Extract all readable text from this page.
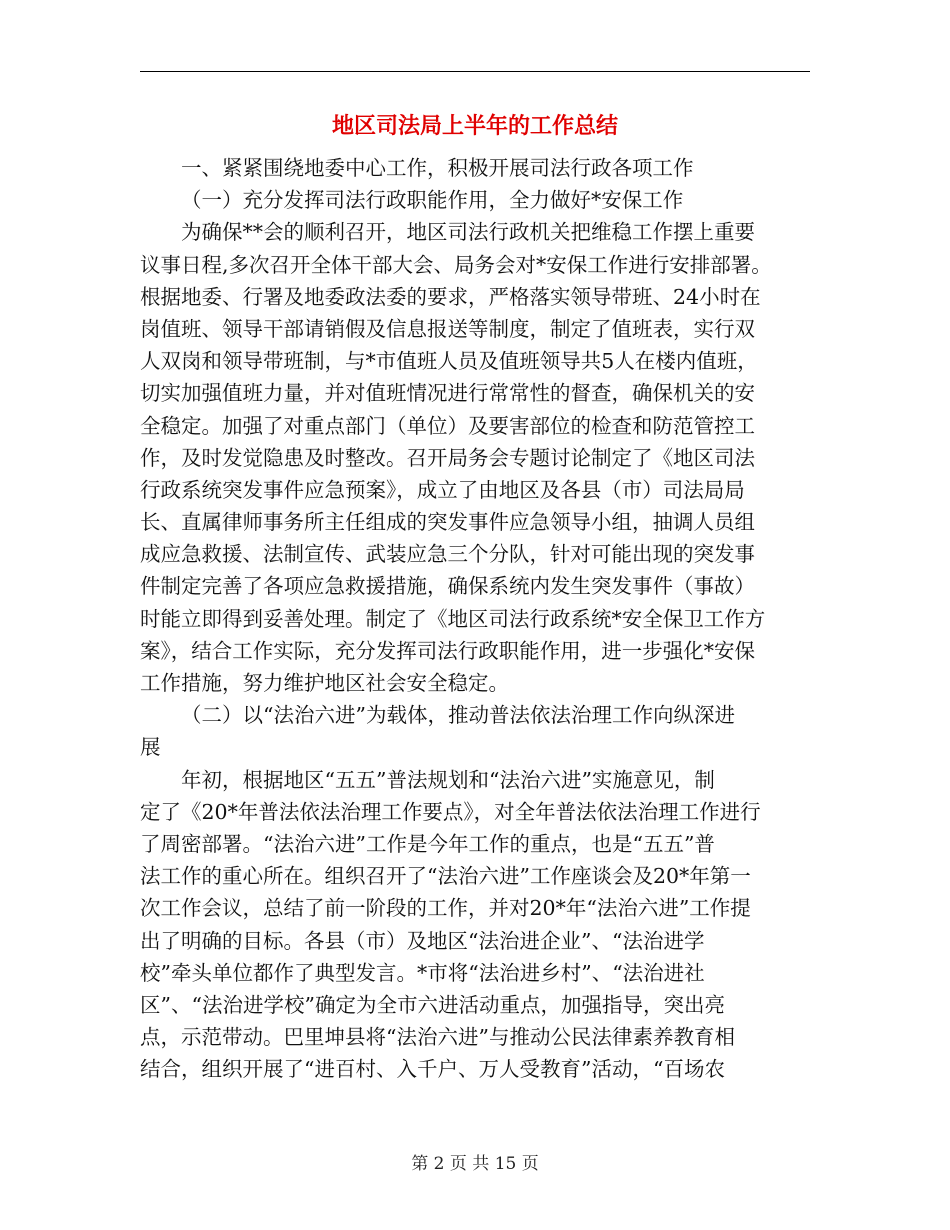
地区司法局上半年的工作总结

一、紧紧围绕地委中心工作，积极开展司法行政各项工作

（一）充分发挥司法行政职能作用，全力做好*安保工作

为确保**会的顺利召开，地区司法行政机关把维稳工作摆上重要

议事日程,多次召开全体干部大会、局务会对*安保工作进行安排部署。

根据地委、行署及地委政法委的要求，严格落实领导带班、24小时在

岗值班、领导干部请销假及信息报送等制度，制定了值班表，实行双

人双岗和领导带班制，与*市值班人员及值班领导共5人在楼内值班，

切实加强值班力量，并对值班情况进行常常性的督查，确保机关的安

全稳定。加强了对重点部门（单位）及要害部位的检查和防范管控工

作，及时发觉隐患及时整改。召开局务会专题讨论制定了《地区司法

行政系统突发事件应急预案》，成立了由地区及各县（市）司法局局

长、直属律师事务所主任组成的突发事件应急领导小组，抽调人员组

成应急救援、法制宣传、武装应急三个分队，针对可能出现的突发事

件制定完善了各项应急救援措施，确保系统内发生突发事件（事故）

时能立即得到妥善处理。制定了《地区司法行政系统*安全保卫工作方

案》，结合工作实际，充分发挥司法行政职能作用，进一步强化*安保

工作措施，努力维护地区社会安全稳定。

（二）以“法治六进”为载体，推动普法依法治理工作向纵深进

展

年初，根据地区“五五”普法规划和“法治六进”实施意见，制

定了《20*年普法依法治理工作要点》，对全年普法依法治理工作进行

了周密部署。“法治六进”工作是今年工作的重点，也是“五五”普

法工作的重心所在。组织召开了“法治六进”工作座谈会及20*年第一

次工作会议，总结了前一阶段的工作，并对20*年“法治六进”工作提

出了明确的目标。各县（市）及地区“法治进企业”、“法治进学

校”牵头单位都作了典型发言。*市将“法治进乡村”、“法治进社

区”、“法治进学校”确定为全市六进活动重点，加强指导，突出亮

点，示范带动。巴里坤县将“法治六进”与推动公民法律素养教育相

结合，组织开展了“进百村、入千户、万人受教育”活动，“百场农

第 2 页 共 15 页
